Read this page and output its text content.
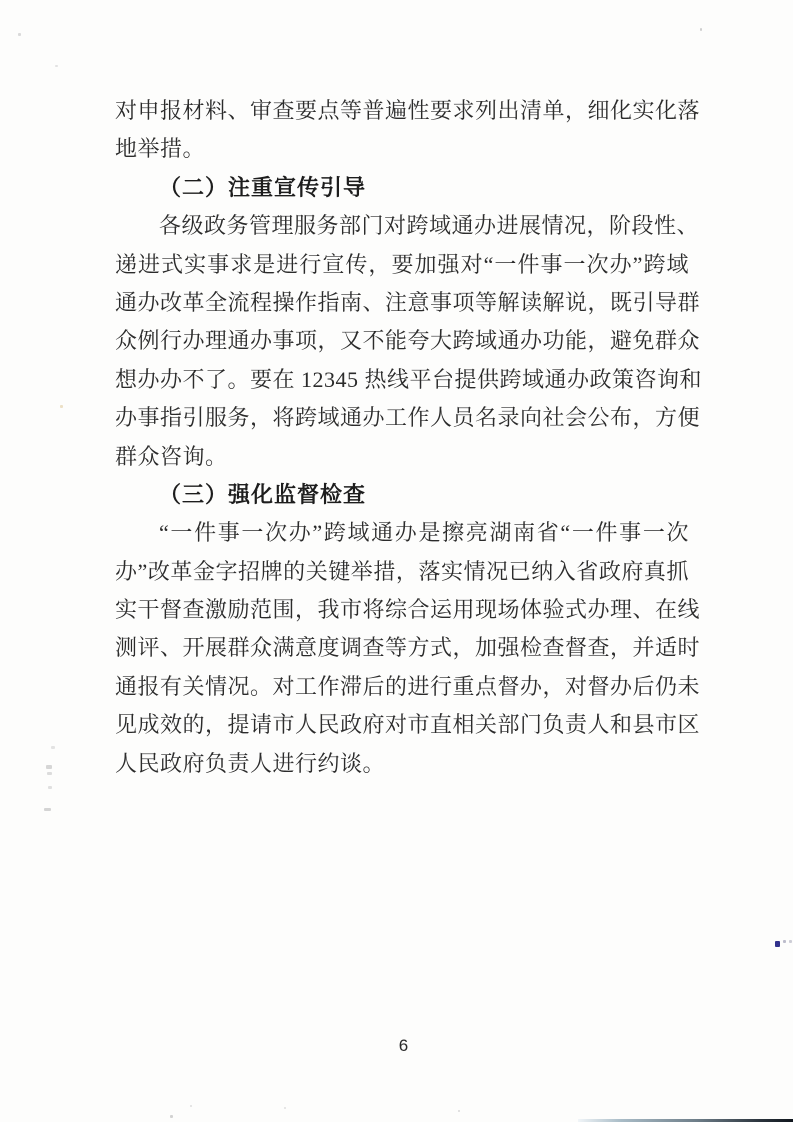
对申报材料、审查要点等普遍性要求列出清单，细化实化落
地举措。
（二）注重宣传引导
各级政务管理服务部门对跨域通办进展情况，阶段性、
递进式实事求是进行宣传，要加强对“一件事一次办”跨域
通办改革全流程操作指南、注意事项等解读解说，既引导群
众例行办理通办事项，又不能夸大跨域通办功能，避免群众
想办办不了。要在 12345 热线平台提供跨域通办政策咨询和
办事指引服务，将跨域通办工作人员名录向社会公布，方便
群众咨询。
（三）强化监督检查
“一件事一次办”跨域通办是擦亮湖南省“一件事一次
办”改革金字招牌的关键举措，落实情况已纳入省政府真抓
实干督查激励范围，我市将综合运用现场体验式办理、在线
测评、开展群众满意度调查等方式，加强检查督查，并适时
通报有关情况。对工作滞后的进行重点督办，对督办后仍未
见成效的，提请市人民政府对市直相关部门负责人和县市区
人民政府负责人进行约谈。
6
